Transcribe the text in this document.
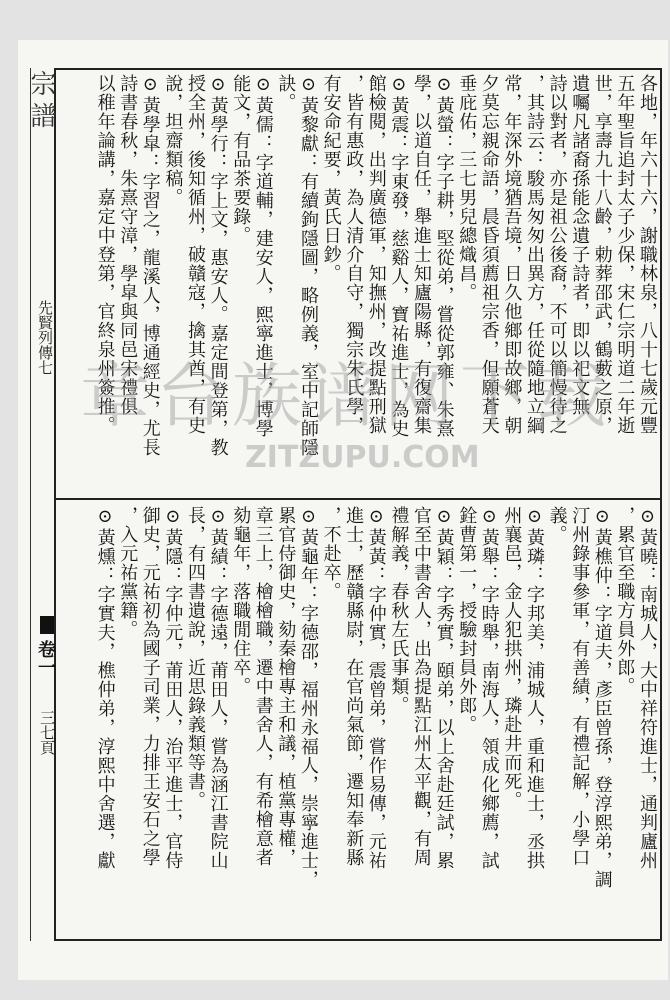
宗譜
先賢列傳七
卷一
三七頁
各地，年六十六，謝職林泉，八十七歲元豐
五年聖旨追封太子少保，宋仁宗明道二年逝
世，享壽九十八齡，勅葬邵武，鶴藪之原，
遺囑凡諸裔孫能念遺子詩者，即以祀文無
詩以對者，亦是祖公後裔，不可以簡慢待之
，其詩云：駿馬匆匆出異方，任從隨地立綱
常，年深外境猶吾境，日久他鄉即故鄉，朝
夕莫忘親命語，晨昏須薦祖宗香，但願蒼天
垂庇佑，三七男兒總熾昌。
⊙黃螢：字子耕，堅從弟，嘗從郭雍、朱熹
學，以道自任，舉進士知廬陽縣，有復齋集
⊙黃震：字東發，慈谿人，寶祐進士，為史
館檢閱，出判廣德軍，知撫州，改提點刑獄
，皆有惠政，為人清介自守，獨宗朱氏學，
有安命紀要，黃氏日鈔。
⊙黃黎獻：有續鉤隱圖，略例義，室中記師隱
訣。
⊙黃儒：字道輔，建安人，熙寧進士，博學
能文，有品茶要錄。
⊙黃學行：字上文，惠安人。嘉定間登第，教
授全州，後知循州，破贛寇，擒其酋，有史
說，坦齋類稿。
⊙黃學皐：字習之，龍溪人，博通經史，尤長
詩書春秋，朱熹守漳，學皐與同邑宋禮俱
以稚年論講，嘉定中登第，官終泉州簽推。
⊙黃曉：南城人，大中祥符進士，通判廬州
，累官至職方員外郎。
⊙黃樵仲：字道夫，彥臣曾孫，登淳熙弟，調
汀州錄事參軍，有善績，有禮記解，小學口
義。
⊙黃璘：字邦美，浦城人，重和進士，丞拱
州襄邑，金人犯拱州，璘赴井而死。
⊙黃舉：字時舉，南海人，領成化鄉薦，試
銓曹第一，授驗封員外郎。
⊙黃穎：字秀實，頤弟，以上舍赴廷試，累
官至中書舍人，出為提點江州太平觀，有周
禮解義，春秋左氏事類。
⊙黃黃：字仲實，震曾弟，嘗作易傳，元祐
進士，歷贛縣尉，在官尚氣節，遷知奉新縣
，不赴卒。
⊙黃龜年：字德邵，福州永福人，崇寧進士，
累官侍御史，劾秦檜專主和議，植黨專權，
章三上，檜檜職，遷中書舍人，有希檜意者
劾龜年，落職閒住卒。
⊙黃績：字德遠，莆田人，嘗為涵江書院山
長，有四書遺說，近思錄義類等書。
⊙黃隱：字仲元，莆田人，治平進士，官侍
御史，元祐初為國子司業，力排王安石之學
，入元祐黨籍。
⊙黃燻：字實夫，樵仲弟，淳熙中舍選，獻
章台族谱网下载
ZITZUPU.COM
